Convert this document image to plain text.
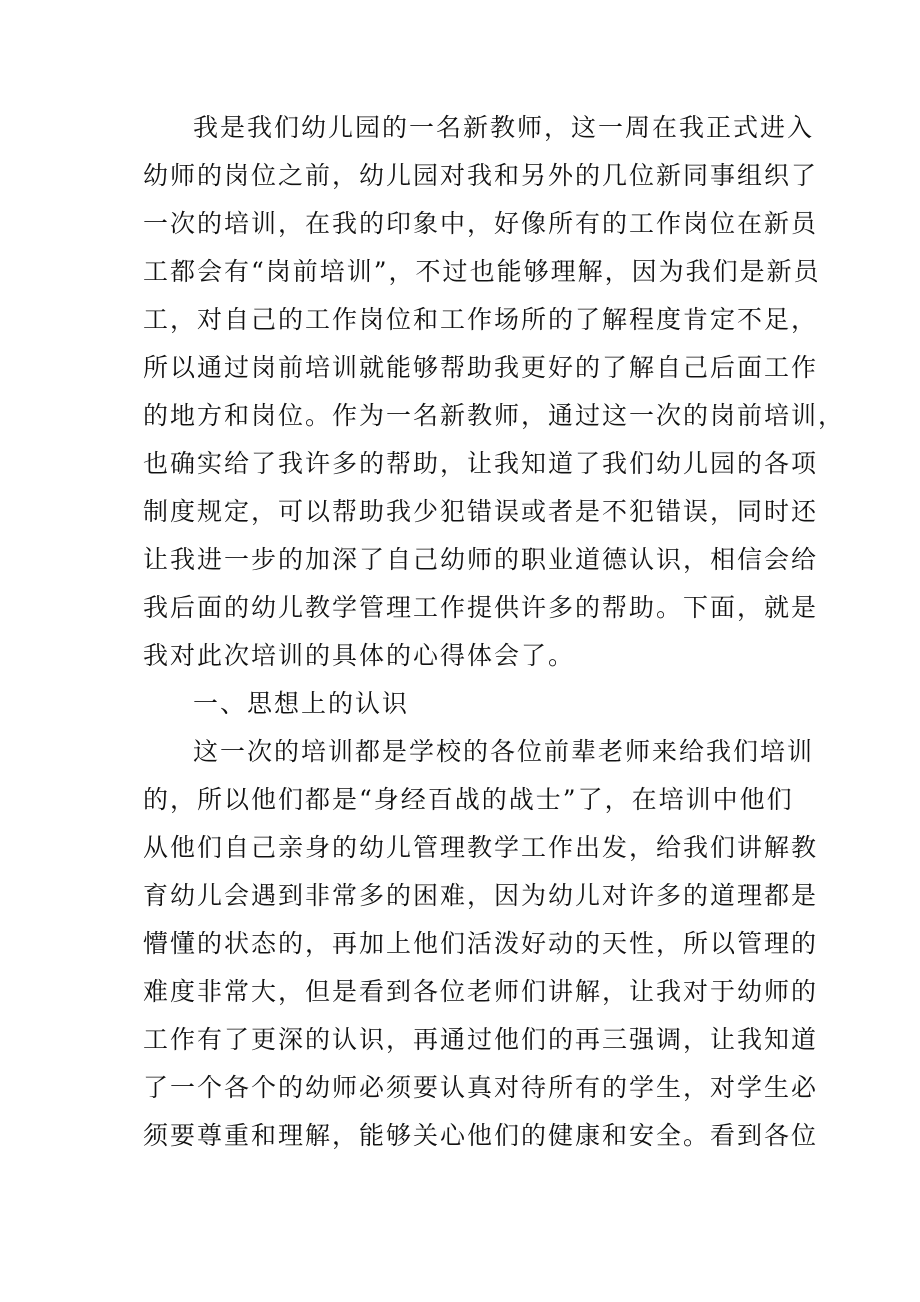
我是我们幼儿园的一名新教师，这一周在我正式进入
幼师的岗位之前，幼儿园对我和另外的几位新同事组织了
一次的培训，在我的印象中，好像所有的工作岗位在新员
工都会有“岗前培训”，不过也能够理解，因为我们是新员
工，对自己的工作岗位和工作场所的了解程度肯定不足，
所以通过岗前培训就能够帮助我更好的了解自己后面工作
的地方和岗位。作为一名新教师，通过这一次的岗前培训，
也确实给了我许多的帮助，让我知道了我们幼儿园的各项
制度规定，可以帮助我少犯错误或者是不犯错误，同时还
让我进一步的加深了自己幼师的职业道德认识，相信会给
我后面的幼儿教学管理工作提供许多的帮助。下面，就是
我对此次培训的具体的心得体会了。
一、思想上的认识
这一次的培训都是学校的各位前辈老师来给我们培训
的，所以他们都是“身经百战的战士”了，在培训中他们
从他们自己亲身的幼儿管理教学工作出发，给我们讲解教
育幼儿会遇到非常多的困难，因为幼儿对许多的道理都是
懵懂的状态的，再加上他们活泼好动的天性，所以管理的
难度非常大，但是看到各位老师们讲解，让我对于幼师的
工作有了更深的认识，再通过他们的再三强调，让我知道
了一个各个的幼师必须要认真对待所有的学生，对学生必
须要尊重和理解，能够关心他们的健康和安全。看到各位
